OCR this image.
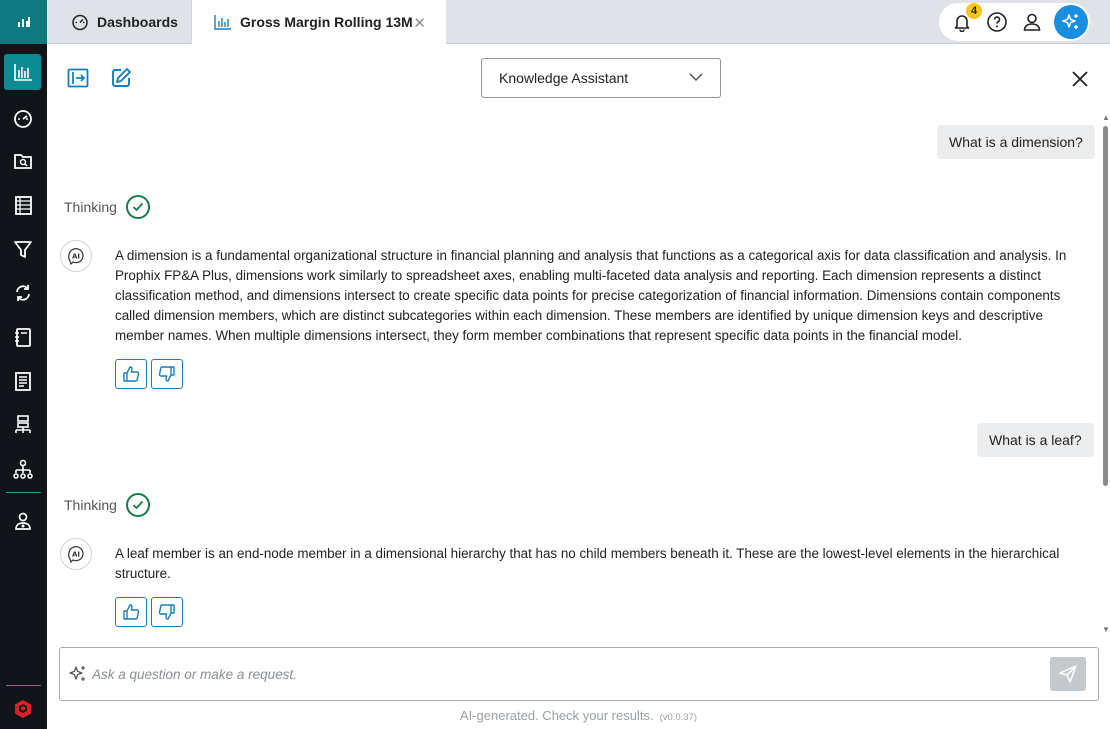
Dashboards	Gross Margin Rolling 13M ✕
4
Knowledge Assistant
What is a dimension?
Thinking
AI	A dimension is a fundamental organizational structure in financial planning and analysis that functions as a categorical axis for data classification and analysis. In Prophix FP&A Plus, dimensions work similarly to spreadsheet axes, enabling multi-faceted data analysis and reporting. Each dimension represents a distinct classification method, and dimensions intersect to create specific data points for precise categorization of financial information. Dimensions contain components called dimension members, which are distinct subcategories within each dimension. These members are identified by unique dimension keys and descriptive member names. When multiple dimensions intersect, they form member combinations that represent specific data points in the financial model.

What is a leaf?
Thinking
AI	A leaf member is an end-node member in a dimensional hierarchy that has no child members beneath it. These are the lowest-level elements in the hierarchical structure.

▲
▼
Ask a question or make a request.
AI-generated. Check your results. (v0.0.37)
